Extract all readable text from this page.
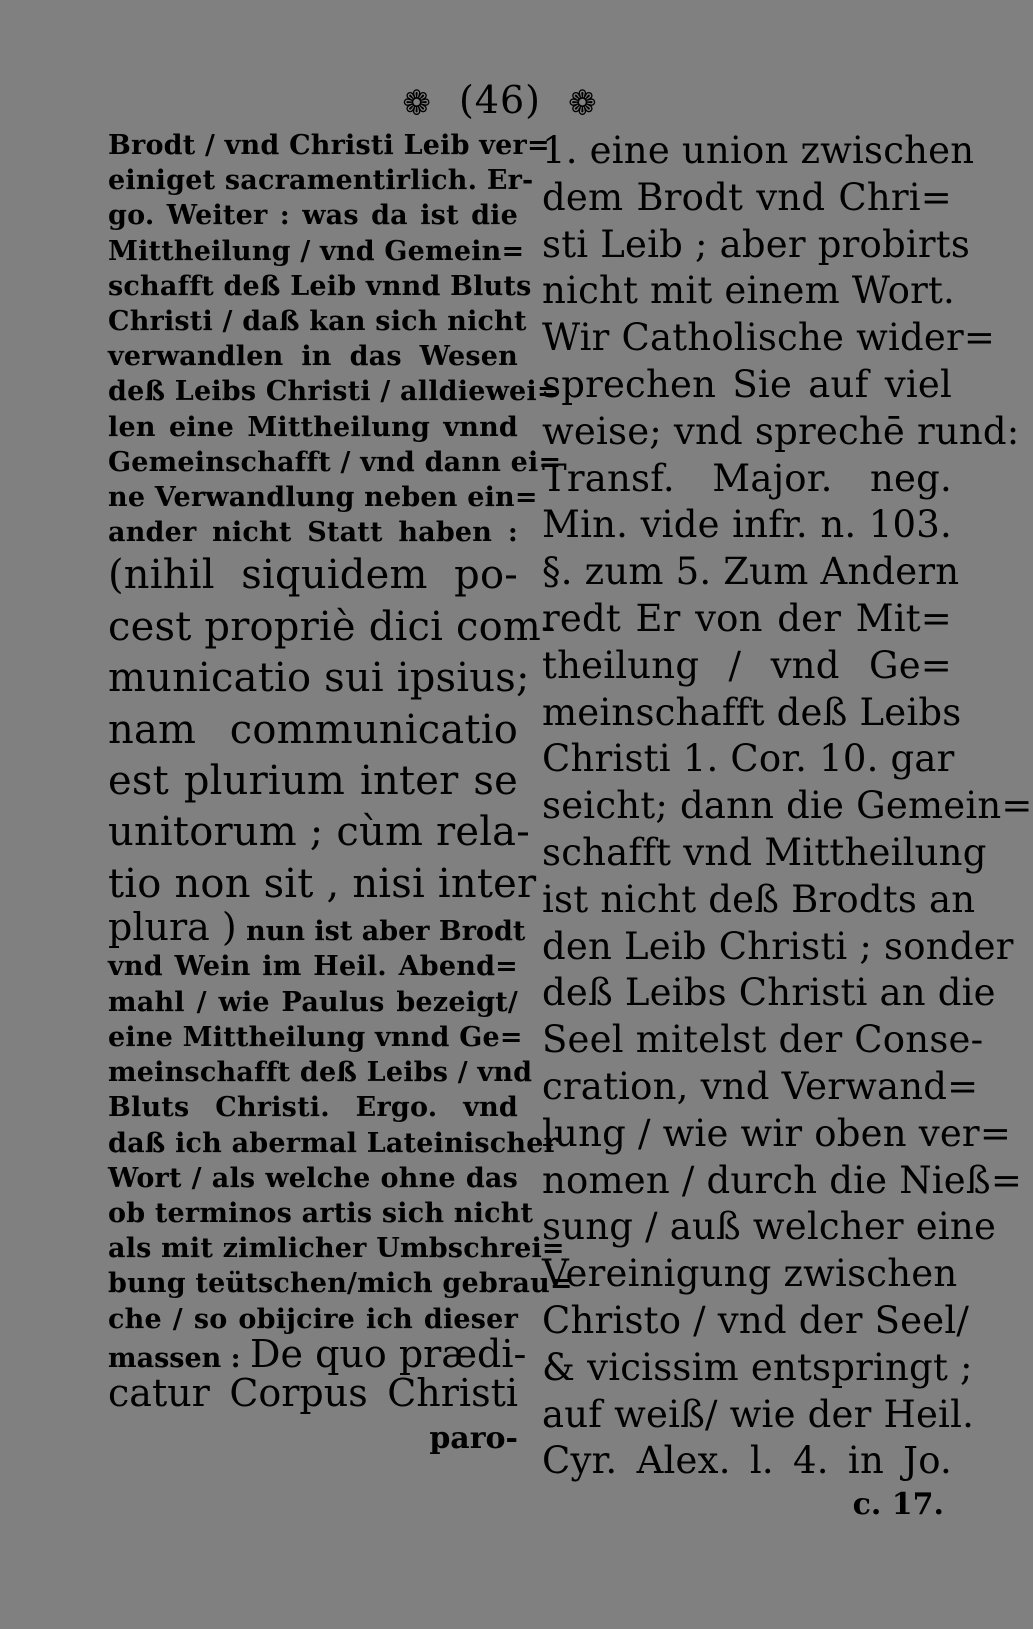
❁ (46) ❁
Brodt / vnd Christi Leib ver=
einiget sacramentirlich. Er-
go. Weiter : was da ist die
Mittheilung / vnd Gemein=
schafft deß Leib vnnd Bluts
Christi / daß kan sich nicht
verwandlen in das Wesen
deß Leibs Christi / alldiewei=
len eine Mittheilung vnnd
Gemeinschafft / vnd dann ei=
ne Verwandlung neben ein=
ander nicht Statt haben :
(nihil siquidem po-
cest propriè dici com-
municatio sui ipsius;
nam communicatio
est plurium inter se
unitorum ; cùm rela-
tio non sit , nisi inter
plura ) nun ist aber Brodt
vnd Wein im Heil. Abend=
mahl / wie Paulus bezeigt/
eine Mittheilung vnnd Ge=
meinschafft deß Leibs / vnd
Bluts Christi. Ergo. vnd
daß ich abermal Lateinischer
Wort / als welche ohne das
ob terminos artis sich nicht
als mit zimlicher Umbschrei=
bung teütschen/mich gebrau=
che / so obijcire ich dieser
massen : De quo prædi-
catur Corpus Christi
paro-
1. eine union zwischen
dem Brodt vnd Chri=
sti Leib ; aber probirts
nicht mit einem Wort.
Wir Catholische wider=
sprechen Sie auf viel
weise; vnd sprechē rund:
Transf. Major. neg.
Min. vide infr. n. 103.
§. zum 5. Zum Andern
redt Er von der Mit=
theilung / vnd Ge=
meinschafft deß Leibs
Christi 1. Cor. 10. gar
seicht; dann die Gemein=
schafft vnd Mittheilung
ist nicht deß Brodts an
den Leib Christi ; sonder
deß Leibs Christi an die
Seel mitelst der Conse-
cration, vnd Verwand=
lung / wie wir oben ver=
nomen / durch die Nieß=
sung / auß welcher eine
Vereinigung zwischen
Christo / vnd der Seel/
& vicissim entspringt ;
auf weiß/ wie der Heil.
Cyr. Alex. l. 4. in Jo.
c. 17.
